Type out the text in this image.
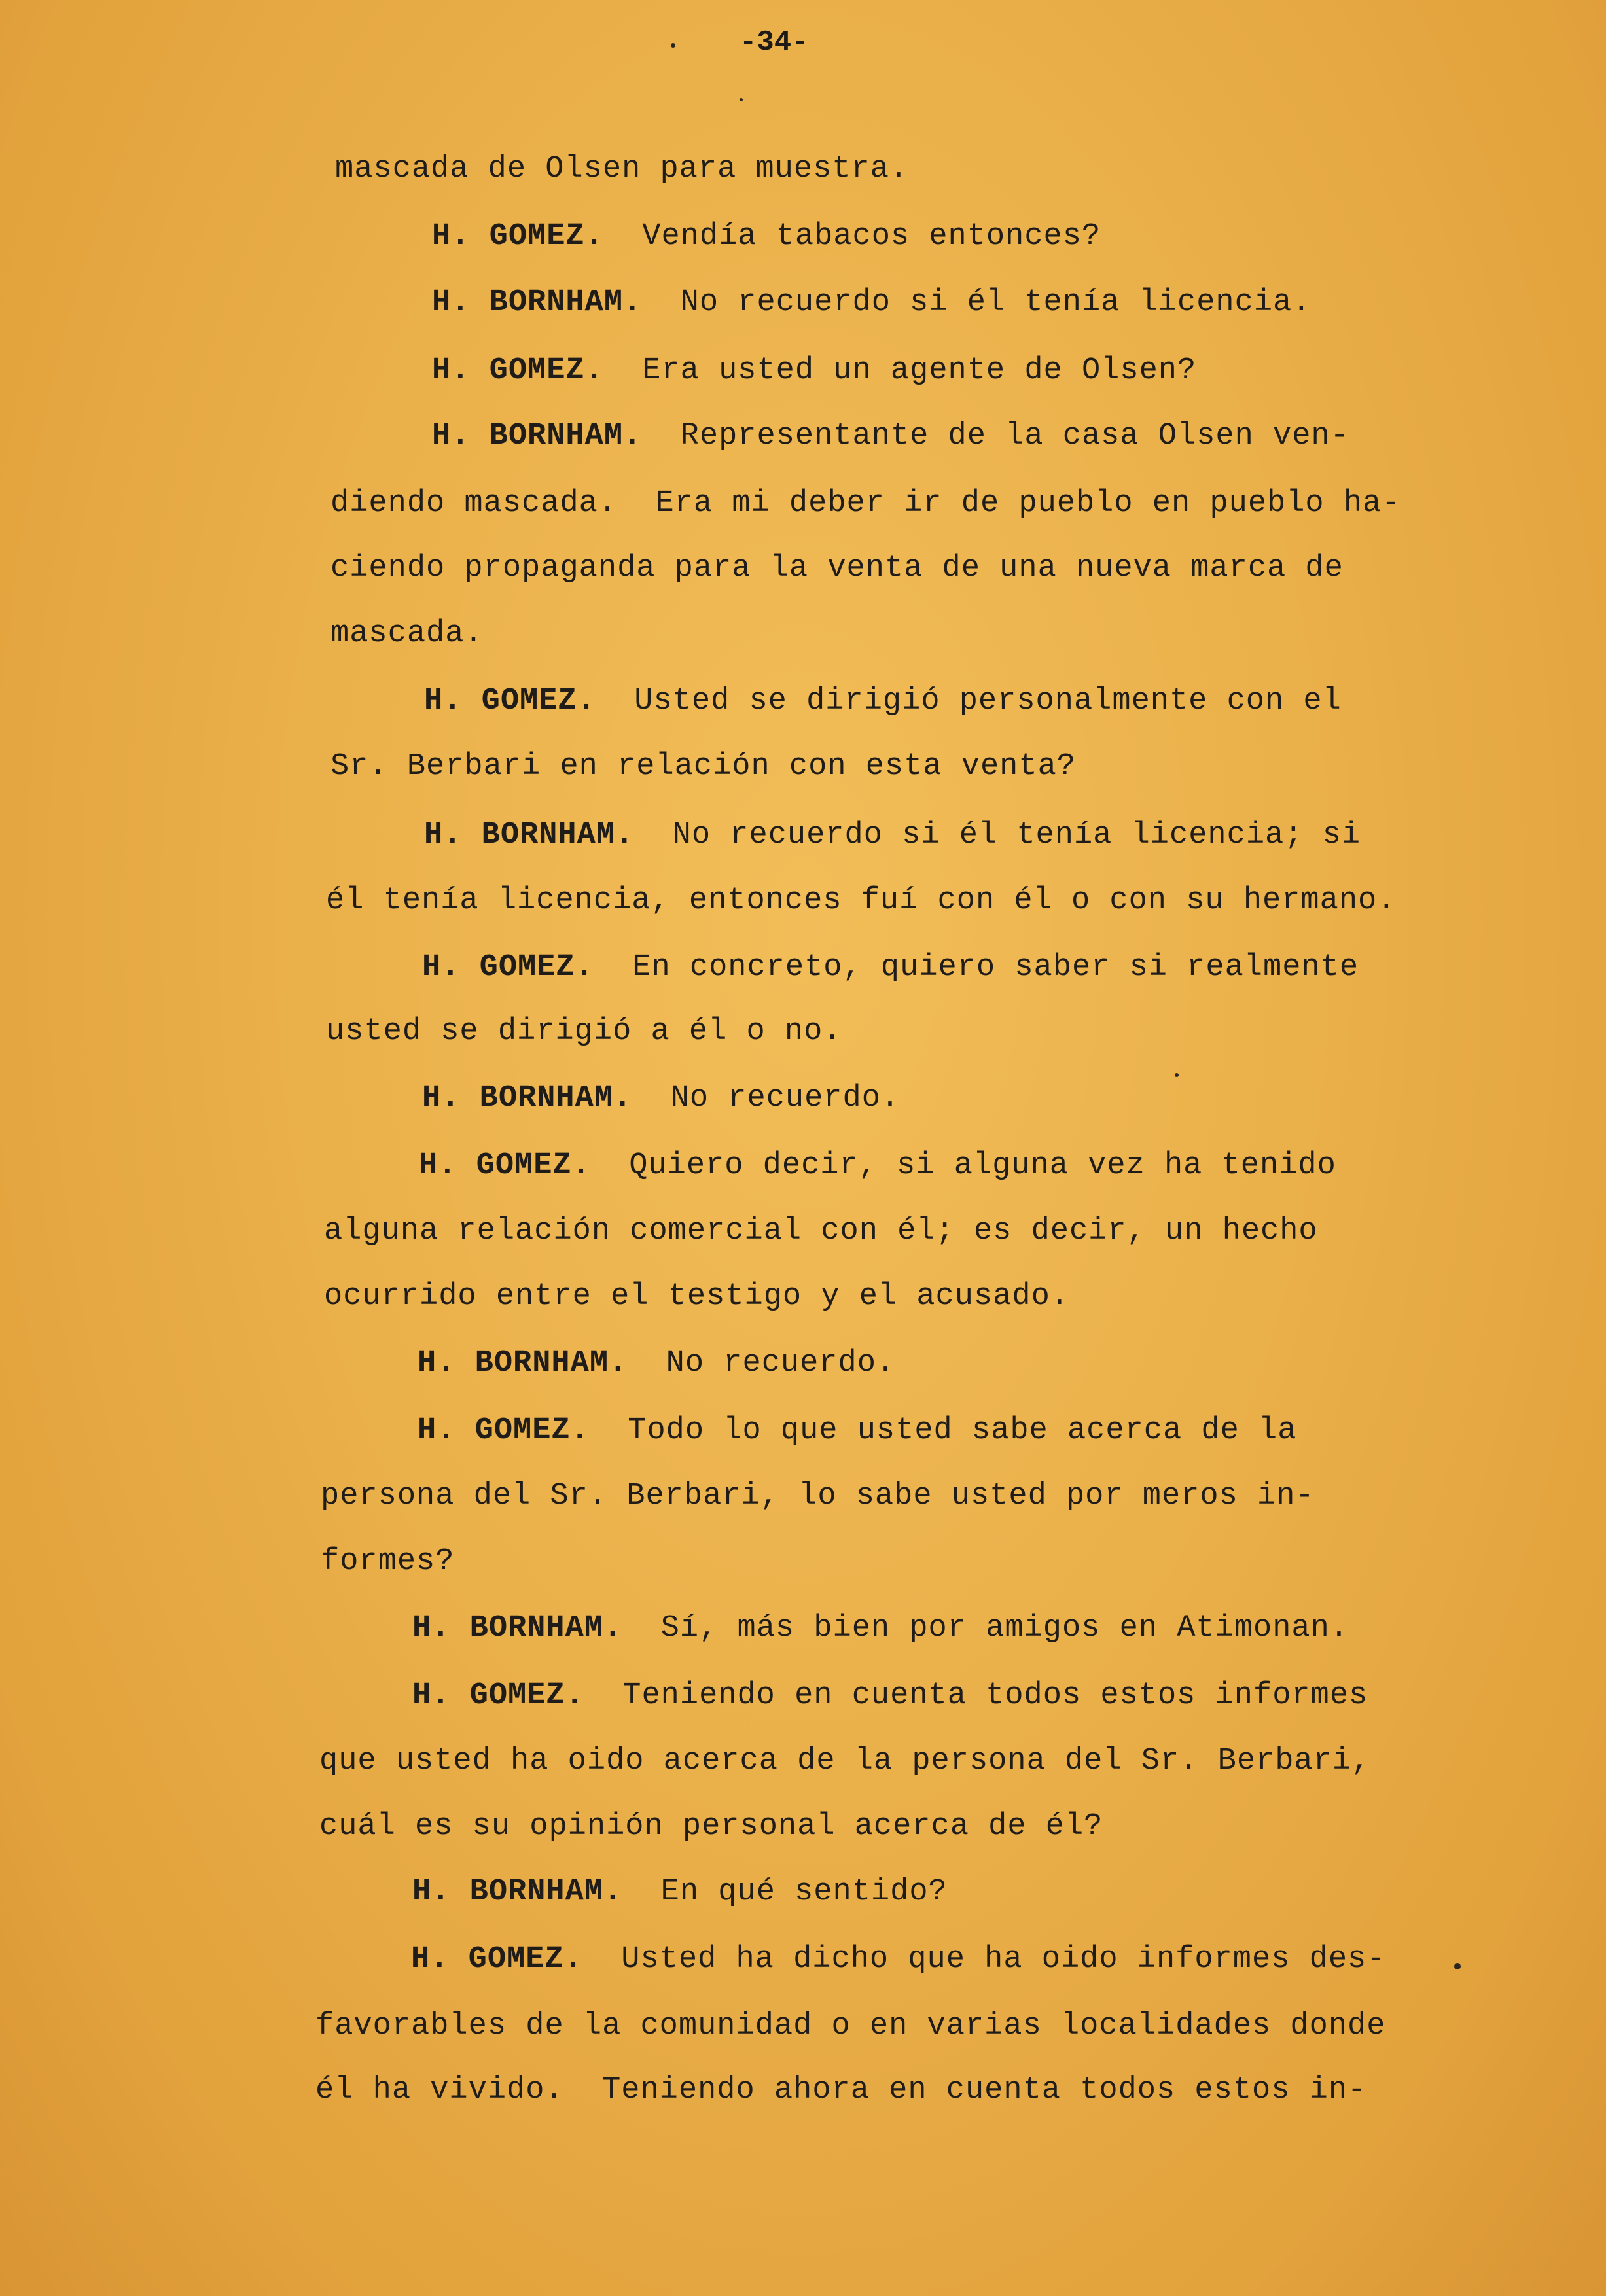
-34-
mascada de Olsen para muestra.
H. GOMEZ.  Vendía tabacos entonces?
H. BORNHAM.  No recuerdo si él tenía licencia.
H. GOMEZ.  Era usted un agente de Olsen?
H. BORNHAM.  Representante de la casa Olsen ven-
diendo mascada.  Era mi deber ir de pueblo en pueblo ha-
ciendo propaganda para la venta de una nueva marca de
mascada.
H. GOMEZ.  Usted se dirigió personalmente con el
Sr. Berbari en relación con esta venta?
H. BORNHAM.  No recuerdo si él tenía licencia; si
él tenía licencia, entonces fuí con él o con su hermano.
H. GOMEZ.  En concreto, quiero saber si realmente
usted se dirigió a él o no.
H. BORNHAM.  No recuerdo.
H. GOMEZ.  Quiero decir, si alguna vez ha tenido
alguna relación comercial con él; es decir, un hecho
ocurrido entre el testigo y el acusado.
H. BORNHAM.  No recuerdo.
H. GOMEZ.  Todo lo que usted sabe acerca de la
persona del Sr. Berbari, lo sabe usted por meros in-
formes?
H. BORNHAM.  Sí, más bien por amigos en Atimonan.
H. GOMEZ.  Teniendo en cuenta todos estos informes
que usted ha oido acerca de la persona del Sr. Berbari,
cuál es su opinión personal acerca de él?
H. BORNHAM.  En qué sentido?
H. GOMEZ.  Usted ha dicho que ha oido informes des-
favorables de la comunidad o en varias localidades donde
él ha vivido.  Teniendo ahora en cuenta todos estos in-
